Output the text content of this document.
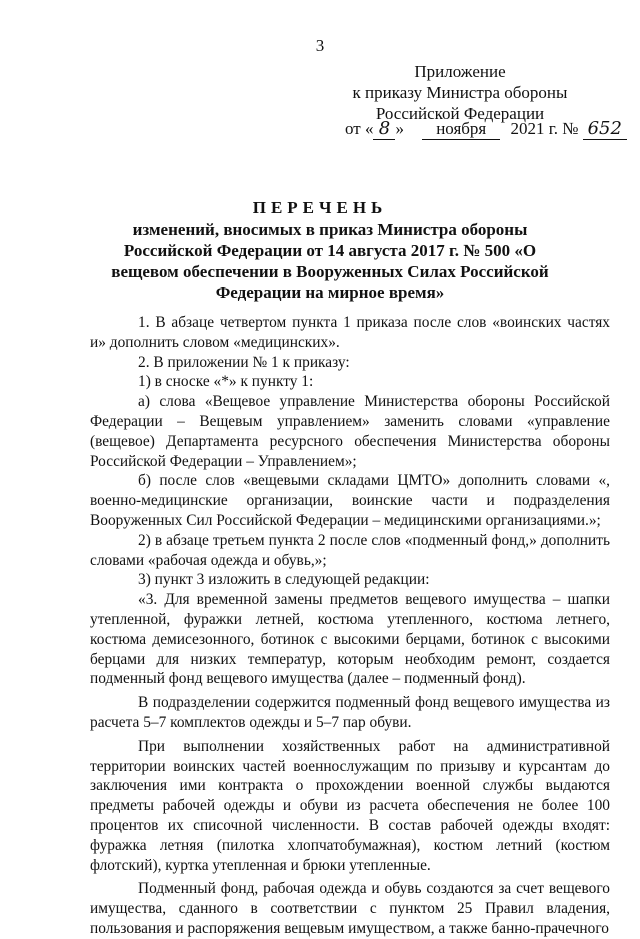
3
Приложение
к приказу Министра обороны
Российской Федерации
от « 8 » ноября 2021 г. № 652
ПЕРЕЧЕНЬ
изменений, вносимых в приказ Министра обороны Российской Федерации от 14 августа 2017 г. № 500 «О вещевом обеспечении в Вооруженных Силах Российской Федерации на мирное время»

1. В абзаце четвертом пункта 1 приказа после слов «воинских частях и» дополнить словом «медицинских».

2. В приложении № 1 к приказу:

1) в сноске «*» к пункту 1:

а) слова «Вещевое управление Министерства обороны Российской Федерации – Вещевым управлением» заменить словами «управление (вещевое) Департамента ресурсного обеспечения Министерства обороны Российской Федерации – Управлением»;

б) после слов «вещевыми складами ЦМТО» дополнить словами «, военно-медицинские организации, воинские части и подразделения Вооруженных Сил Российской Федерации – медицинскими организациями.»;

2) в абзаце третьем пункта 2 после слов «подменный фонд,» дополнить словами «рабочая одежда и обувь,»;

3) пункт 3 изложить в следующей редакции:

«3. Для временной замены предметов вещевого имущества – шапки утепленной, фуражки летней, костюма утепленного, костюма летнего, костюма демисезонного, ботинок с высокими берцами, ботинок с высокими берцами для низких температур, которым необходим ремонт, создается подменный фонд вещевого имущества (далее – подменный фонд).

В подразделении содержится подменный фонд вещевого имущества из расчета 5–7 комплектов одежды и 5–7 пар обуви.

При выполнении хозяйственных работ на административной территории воинских частей военнослужащим по призыву и курсантам до заключения ими контракта о прохождении военной службы выдаются предметы рабочей одежды и обуви из расчета обеспечения не более 100 процентов их списочной численности. В состав рабочей одежды входят: фуражка летняя (пилотка хлопчатобумажная), костюм летний (костюм флотский), куртка утепленная и брюки утепленные.

Подменный фонд, рабочая одежда и обувь создаются за счет вещевого имущества, сданного в соответствии с пунктом 25 Правил владения, пользования и распоряжения вещевым имуществом, а также банно-прачечного
